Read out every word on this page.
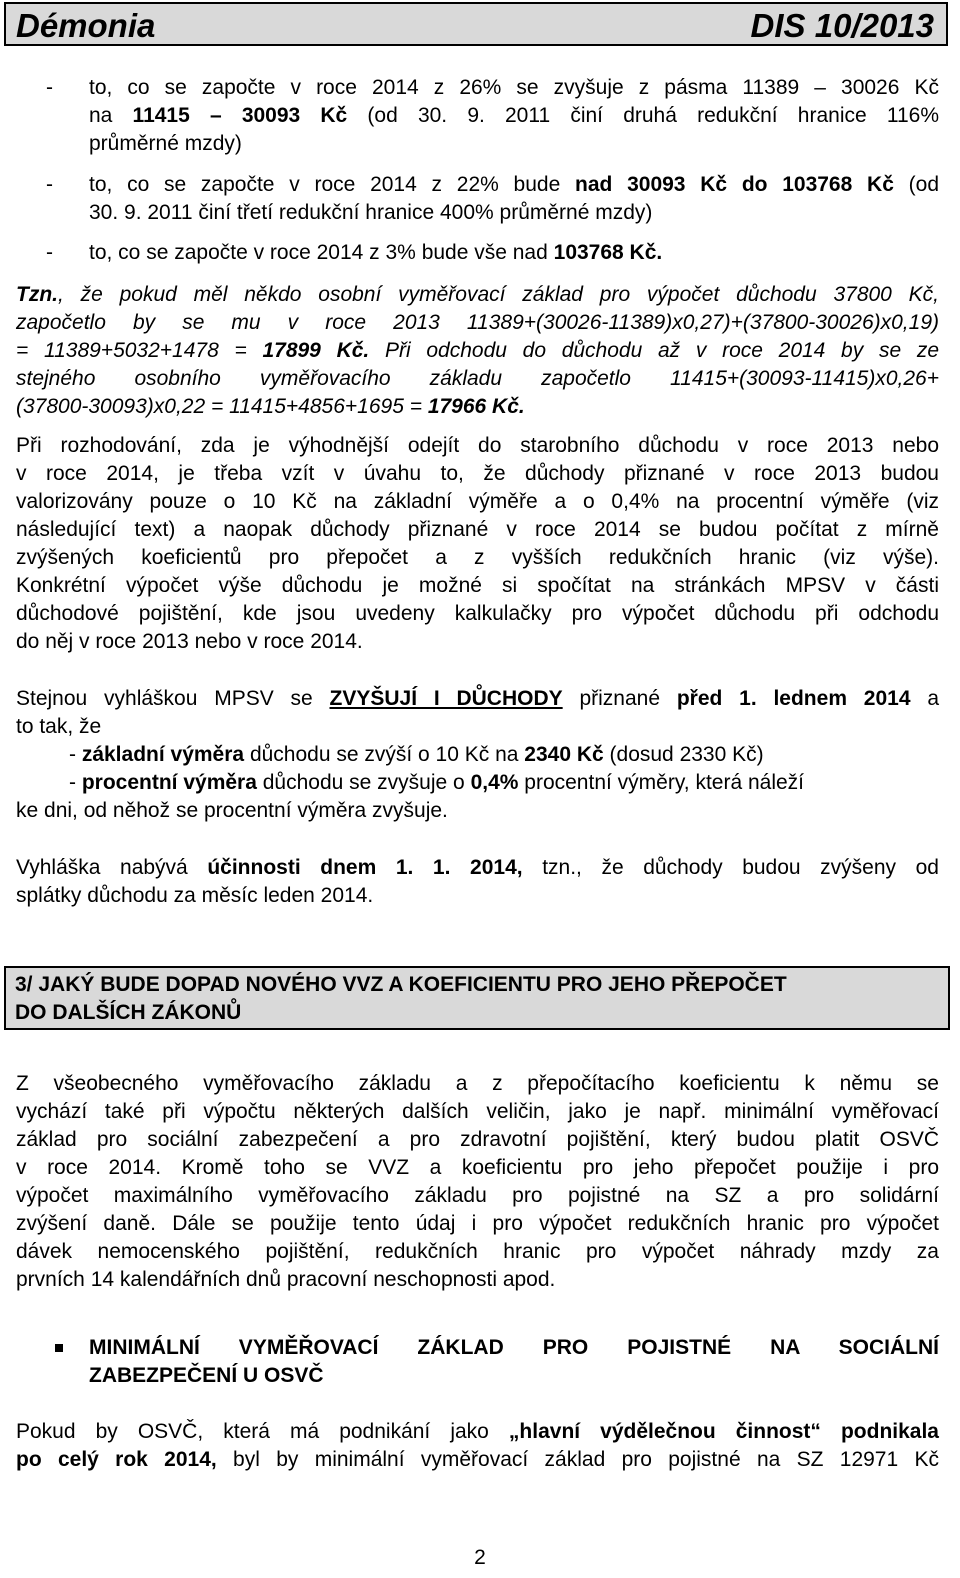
Démonia	DIS 10/2013
- to, co se započte v roce 2014 z 26% se zvyšuje z pásma 11389 – 30026 Kč
na 11415 – 30093 Kč (od 30. 9. 2011 činí druhá redukční hranice 116%
průměrné mzdy)
- to, co se započte v roce 2014 z 22% bude nad 30093 Kč do 103768 Kč (od
30. 9. 2011 činí třetí redukční hranice 400% průměrné mzdy)
- to, co se započte v roce 2014 z 3% bude vše nad 103768 Kč.
Tzn., že pokud měl někdo osobní vyměřovací základ pro výpočet důchodu 37800 Kč,
započetlo by se mu v roce 2013 11389+(30026-11389)x0,27)+(37800-30026)x0,19)
= 11389+5032+1478 = 17899 Kč. Při odchodu do důchodu až v roce 2014 by se ze
stejného osobního vyměřovacího základu započetlo 11415+(30093-11415)x0,26+
(37800-30093)x0,22 = 11415+4856+1695 = 17966 Kč.
Při rozhodování, zda je výhodnější odejít do starobního důchodu v roce 2013 nebo
v roce 2014, je třeba vzít v úvahu to, že důchody přiznané v roce 2013 budou
valorizovány pouze o 10 Kč na základní výměře a o 0,4% na procentní výměře (viz
následující text) a naopak důchody přiznané v roce 2014 se budou počítat z mírně
zvýšených koeficientů pro přepočet a z vyšších redukčních hranic (viz výše).
Konkrétní výpočet výše důchodu je možné si spočítat na stránkách MPSV v části
důchodové pojištění, kde jsou uvedeny kalkulačky pro výpočet důchodu při odchodu
do něj v roce 2013 nebo v roce 2014.
Stejnou vyhláškou MPSV se ZVYŠUJÍ I DŮCHODY přiznané před 1. lednem 2014 a
to tak, že
- základní výměra důchodu se zvýší o 10 Kč na 2340 Kč (dosud 2330 Kč)
- procentní výměra důchodu se zvyšuje o 0,4% procentní výměry, která náleží
ke dni, od něhož se procentní výměra zvyšuje.
Vyhláška nabývá účinnosti dnem 1. 1. 2014, tzn., že důchody budou zvýšeny od
splátky důchodu za měsíc leden 2014.
3/ JAKÝ BUDE DOPAD NOVÉHO VVZ A KOEFICIENTU PRO JEHO PŘEPOČET
DO DALŠÍCH ZÁKONŮ
Z všeobecného vyměřovacího základu a z přepočítacího koeficientu k němu se
vychází také při výpočtu některých dalších veličin, jako je např. minimální vyměřovací
základ pro sociální zabezpečení a pro zdravotní pojištění, který budou platit OSVČ
v roce 2014. Kromě toho se VVZ a koeficientu pro jeho přepočet použije i pro
výpočet maximálního vyměřovacího základu pro pojistné na SZ a pro solidární
zvýšení daně. Dále se použije tento údaj i pro výpočet redukčních hranic pro výpočet
dávek nemocenského pojištění, redukčních hranic pro výpočet náhrady mzdy za
prvních 14 kalendářních dnů pracovní neschopnosti apod.
MINIMÁLNÍ VYMĚŘOVACÍ ZÁKLAD PRO POJISTNÉ NA SOCIÁLNÍ
ZABEZPEČENÍ U OSVČ
Pokud by OSVČ, která má podnikání jako „hlavní výdělečnou činnost“ podnikala
po celý rok 2014, byl by minimální vyměřovací základ pro pojistné na SZ 12971 Kč
2
